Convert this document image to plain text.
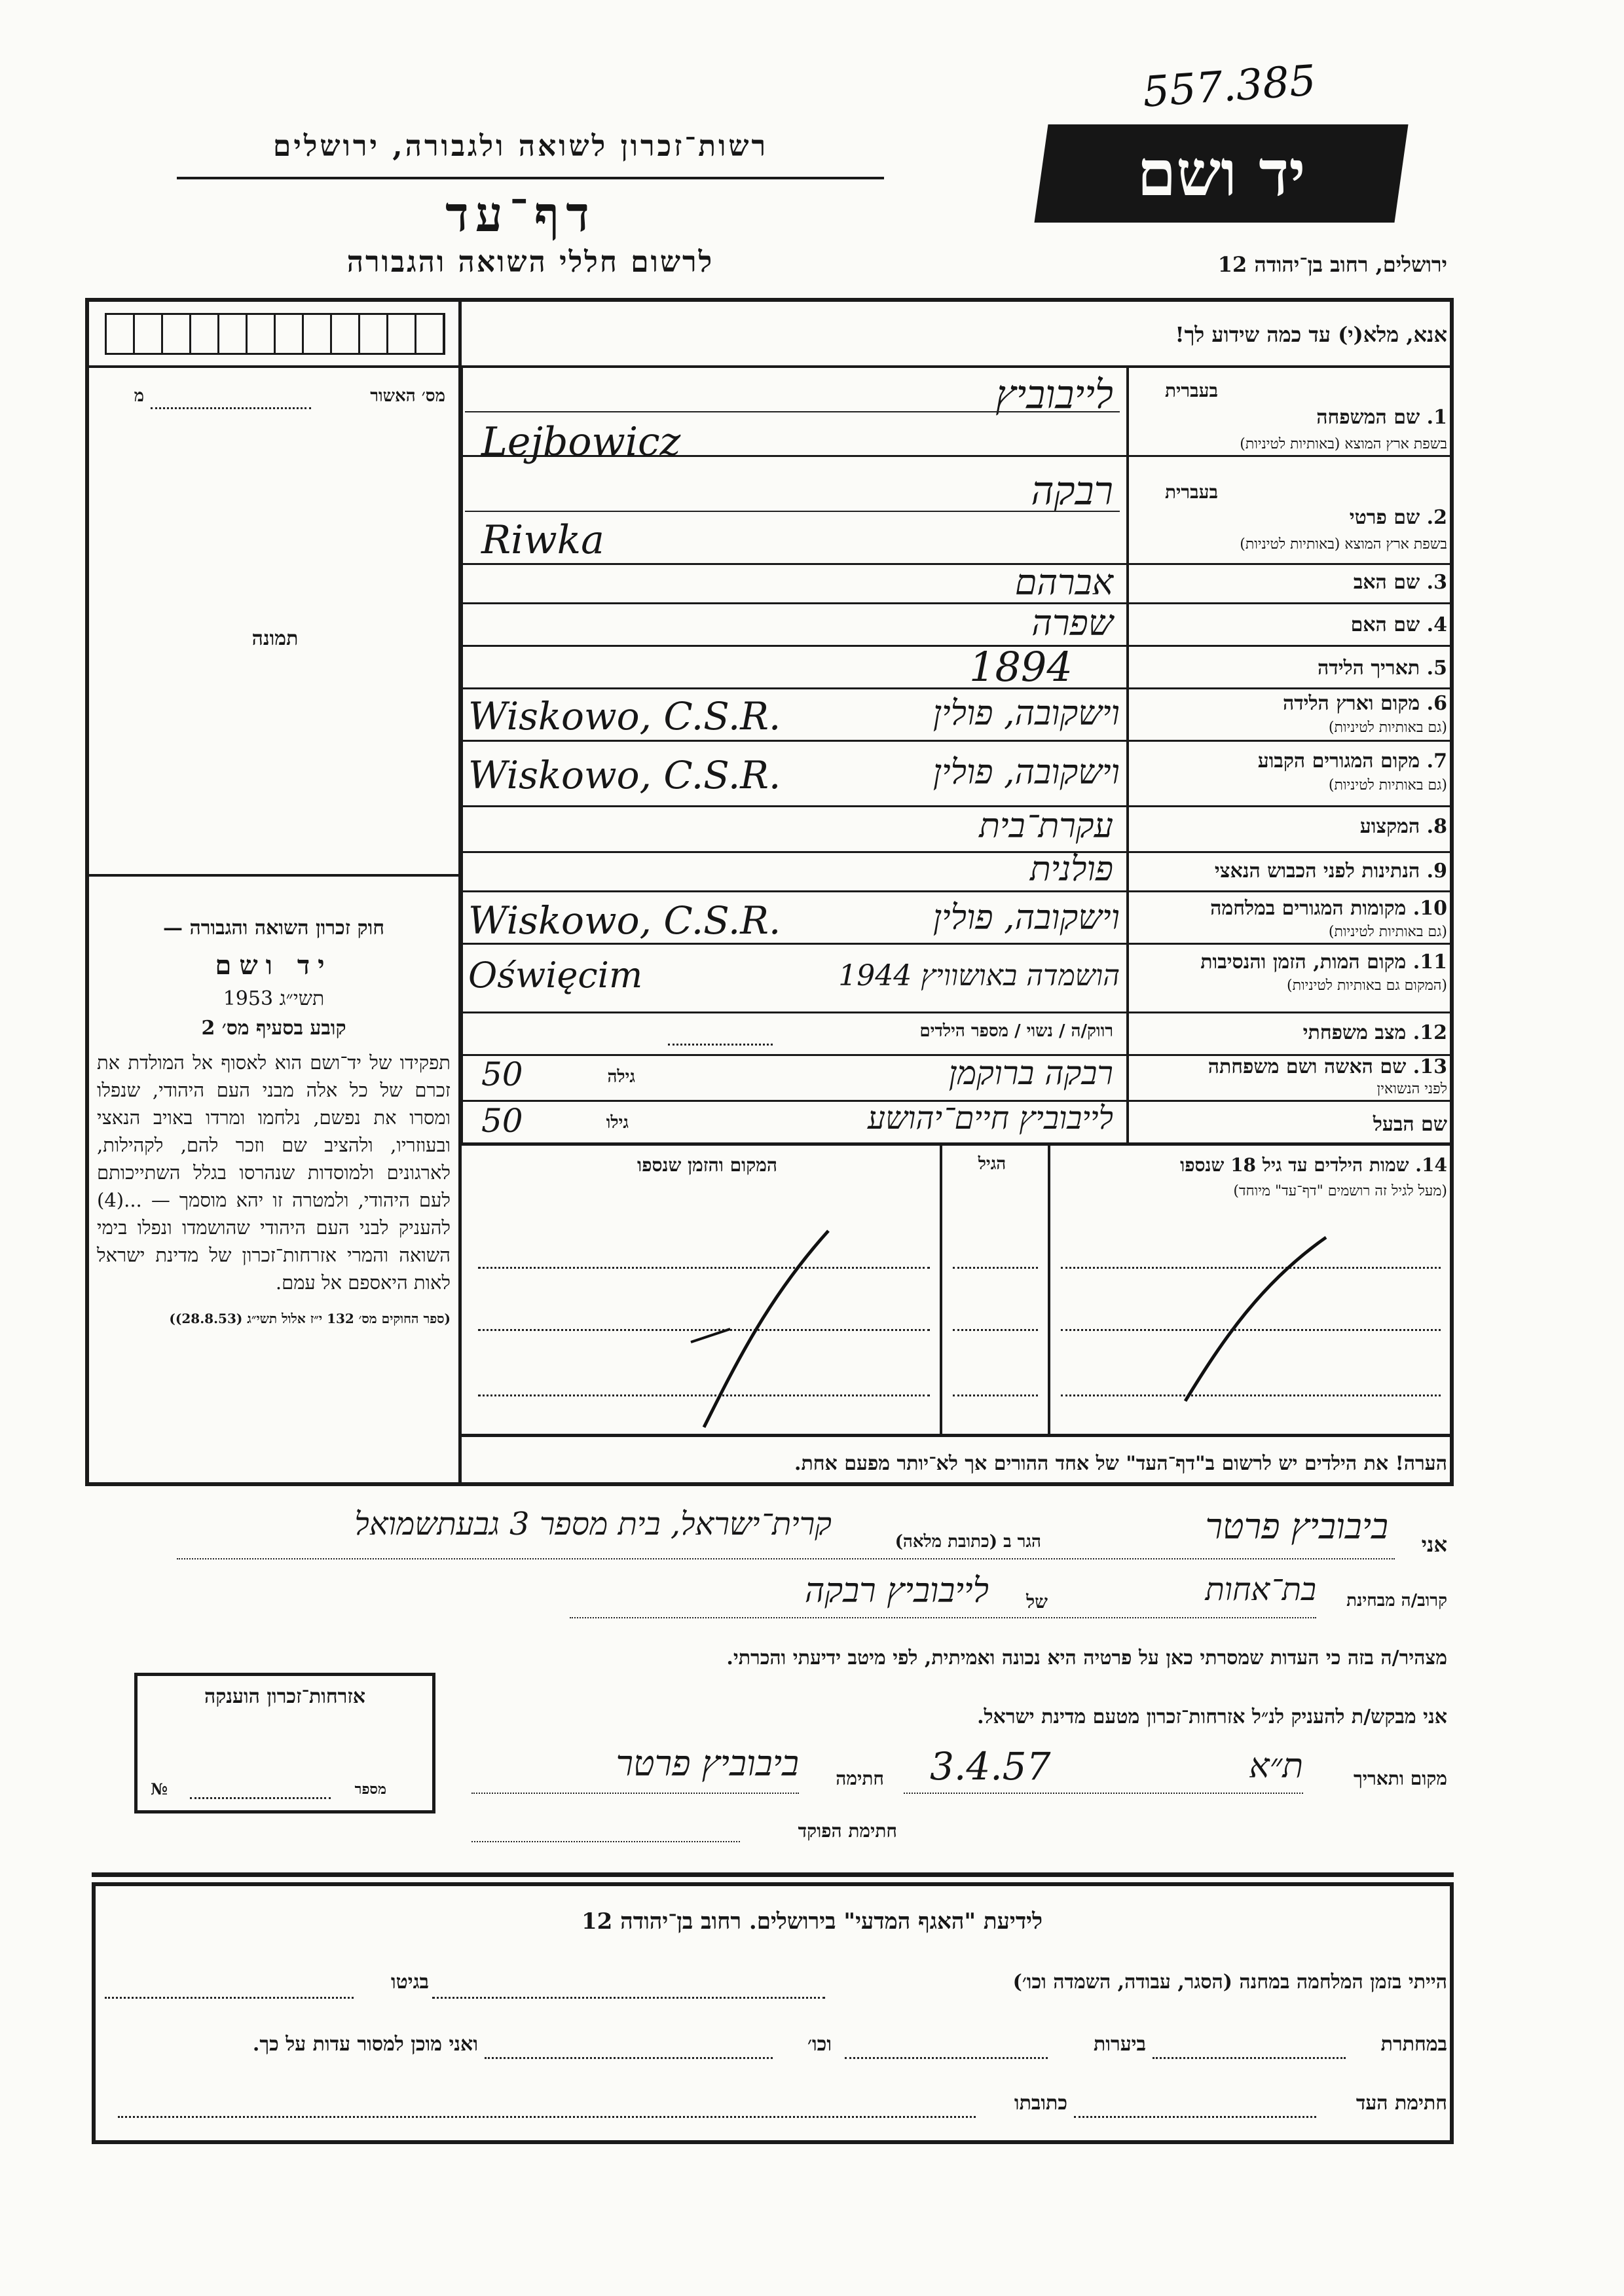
557.385
רשות־זכרון לשואה ולגבורה, ירושלים
דף־עד
לרשום חללי השואה והגבורה
יד ושם
ירושלים, רחוב בן־יהודה 12
אנא, מלא(י) עד כמה שידוע לך!
מס׳ האשור
מ
תמונה
בעברית
1. שם המשפחה
בשפת ארץ המוצא (באותיות לטיניות)
לייבוביץ
Lejbowicz
בעברית
2. שם פרטי
בשפת ארץ המוצא (באותיות לטיניות)
רבקה
Riwka
3. שם האב
אברהם
4. שם האם
שפרה
5. תאריך הלידה
1894
6. מקום וארץ הלידה
(גם באותיות לטיניות)
וישקובה, פולין
Wiskowo, C.S.R.
7. מקום המגורים הקבוע
(גם באותיות לטיניות)
וישקובה, פולין
Wiskowo, C.S.R.
8. המקצוע
עקרת־בית
9. הנתינות לפני הכבוש הנאצי
פולנית
10. מקומות המגורים במלחמה
(גם באותיות לטיניות)
וישקובה, פולין
Wiskowo, C.S.R.
11. מקום המות, הזמן והנסיבות
(המקום גם באותיות לטיניות)
הושמדה באושוויץ 1944
Oświęcim
12. מצב משפחתי
רווק/ה / נשוי / מספר הילדים
13. שם האשה ושם משפחתה
לפני הנשואין
רבקה ברוקמן
גילה
50
שם הבעל
לייבוביץ חיים־יהושע
גילו
50

חוק זכרון השואה והגבורה —

יד ושם

תשי״ג 1953

קובע בסעיף מס׳ 2

תפקידו של יד־ושם הוא לאסוף אל המולדת את זכרם של כל אלה מבני העם היהודי, שנפלו ומסרו את נפשם, נלחמו ומרדו באויב הנאצי ובעוזריו, ולהציב שם וזכר להם, לקהילות, לארגונים ולמוסדות שנהרסו בגלל השתייכותם לעם היהודי, ולמטרה זו יהא מוסמך — ...(4) להעניק לבני העם היהודי שהושמדו ונפלו בימי השואה והמרי אזרחות־זכרון של מדינת ישראל לאות היאספם אל עמם.

(ספר החוקים מס׳ 132 י״ז אלול תשי״ג (28.8.53))

14. שמות הילדים עד גיל 18 שנספו
(מעל לגיל זה רושמים "דף־עד" מיוחד)
הגיל
המקום והזמן שנספו
הערה! את הילדים יש לרשום ב"דף־העד" של אחד ההורים אך לא־יותר מפעם אחת.
אני
ביבוביץ פרטר
הגר ב (כתובת מלאה)
קרית־ישראל, בית מספר 3 גבעתשמואל
קרוב/ה מבחינת
בת־אחות
של
לייבוביץ רבקה
מצהיר/ה בזה כי העדות שמסרתי כאן על פרטיה היא נכונה ואמיתית, לפי מיטב ידיעתי והכרתי.
אני מבקש/ת להעניק לנ״ל אזרחות־זכרון מטעם מדינת ישראל.
מקום ותאריך
ת״א
3.4.57
חתימה
ביבוביץ פרטר
חתימת הפוקד
אזרחות־זכרון הוענקה
מספר
№
לידיעת "האגף המדעי" בירושלים. רחוב בן־יהודה 12
הייתי בזמן המלחמה במחנה (הסגר, עבודה, השמדה וכו׳)
בגיטו
במחתרת
ביערות
וכו׳
ואני מוכן למסור עדות על כך.
חתימת העד
כתובתו
